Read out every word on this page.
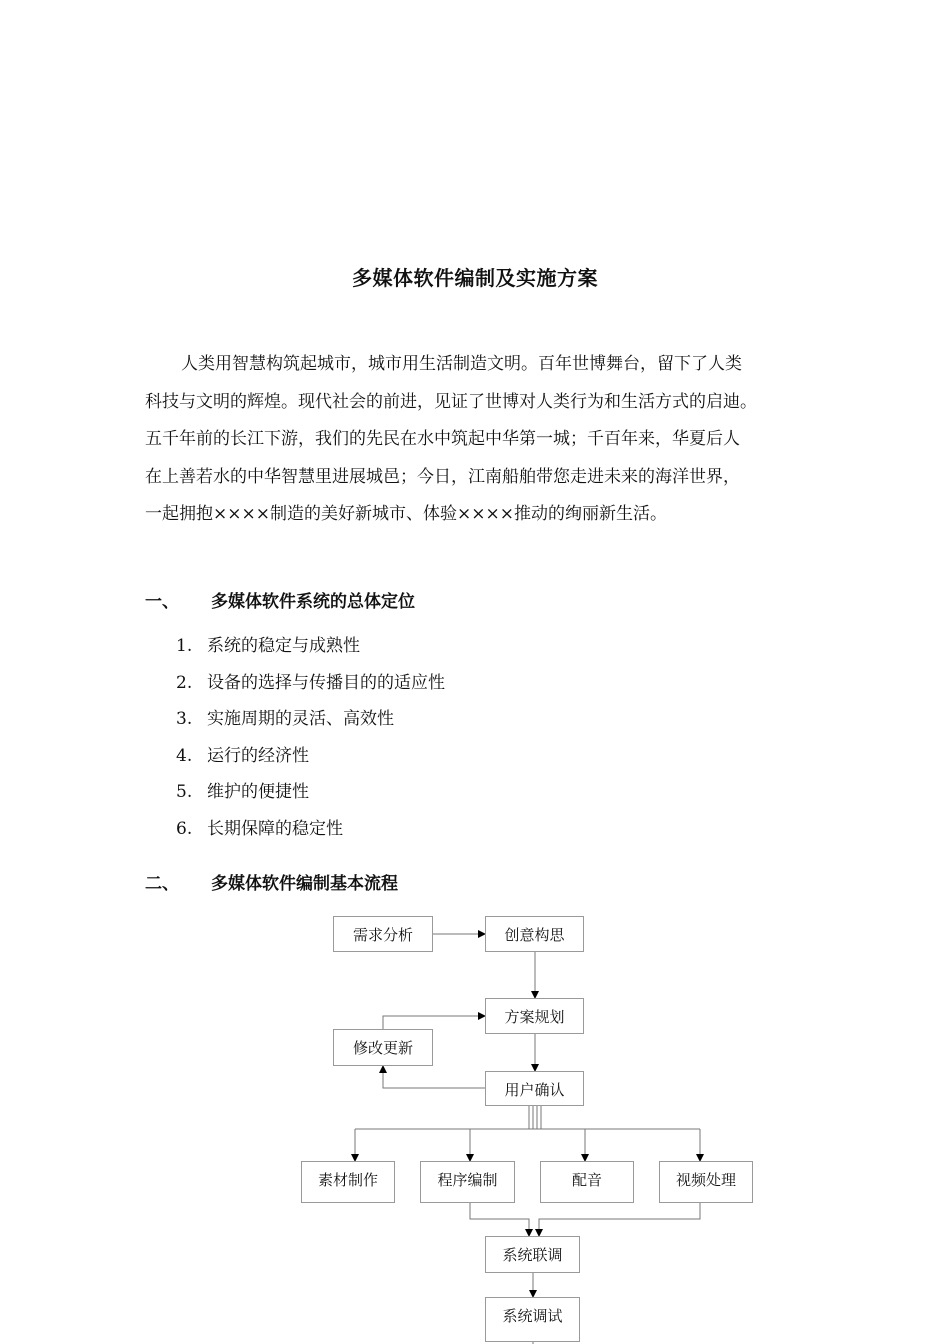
多媒体软件编制及实施方案

人类用智慧构筑起城市，城市用生活制造文明。百年世博舞台，留下了人类
科技与文明的辉煌。现代社会的前进，见证了世博对人类行为和生活方式的启迪。
五千年前的长江下游，我们的先民在水中筑起中华第一城；千百年来，华夏后人
在上善若水的中华智慧里进展城邑；今日，江南船舶带您走进未来的海洋世界，
一起拥抱××××制造的美好新城市、体验××××推动的绚丽新生活。

一、	多媒体软件系统的总体定位
1. 系统的稳定与成熟性
2. 设备的选择与传播目的的适应性
3. 实施周期的灵活、高效性
4. 运行的经济性
5. 维护的便捷性
6. 长期保障的稳定性
二、	多媒体软件编制基本流程
需求分析	创意构思
方案规划
修改更新
用户确认
素材制作	程序编制	配音	视频处理
系统联调
系统调试
